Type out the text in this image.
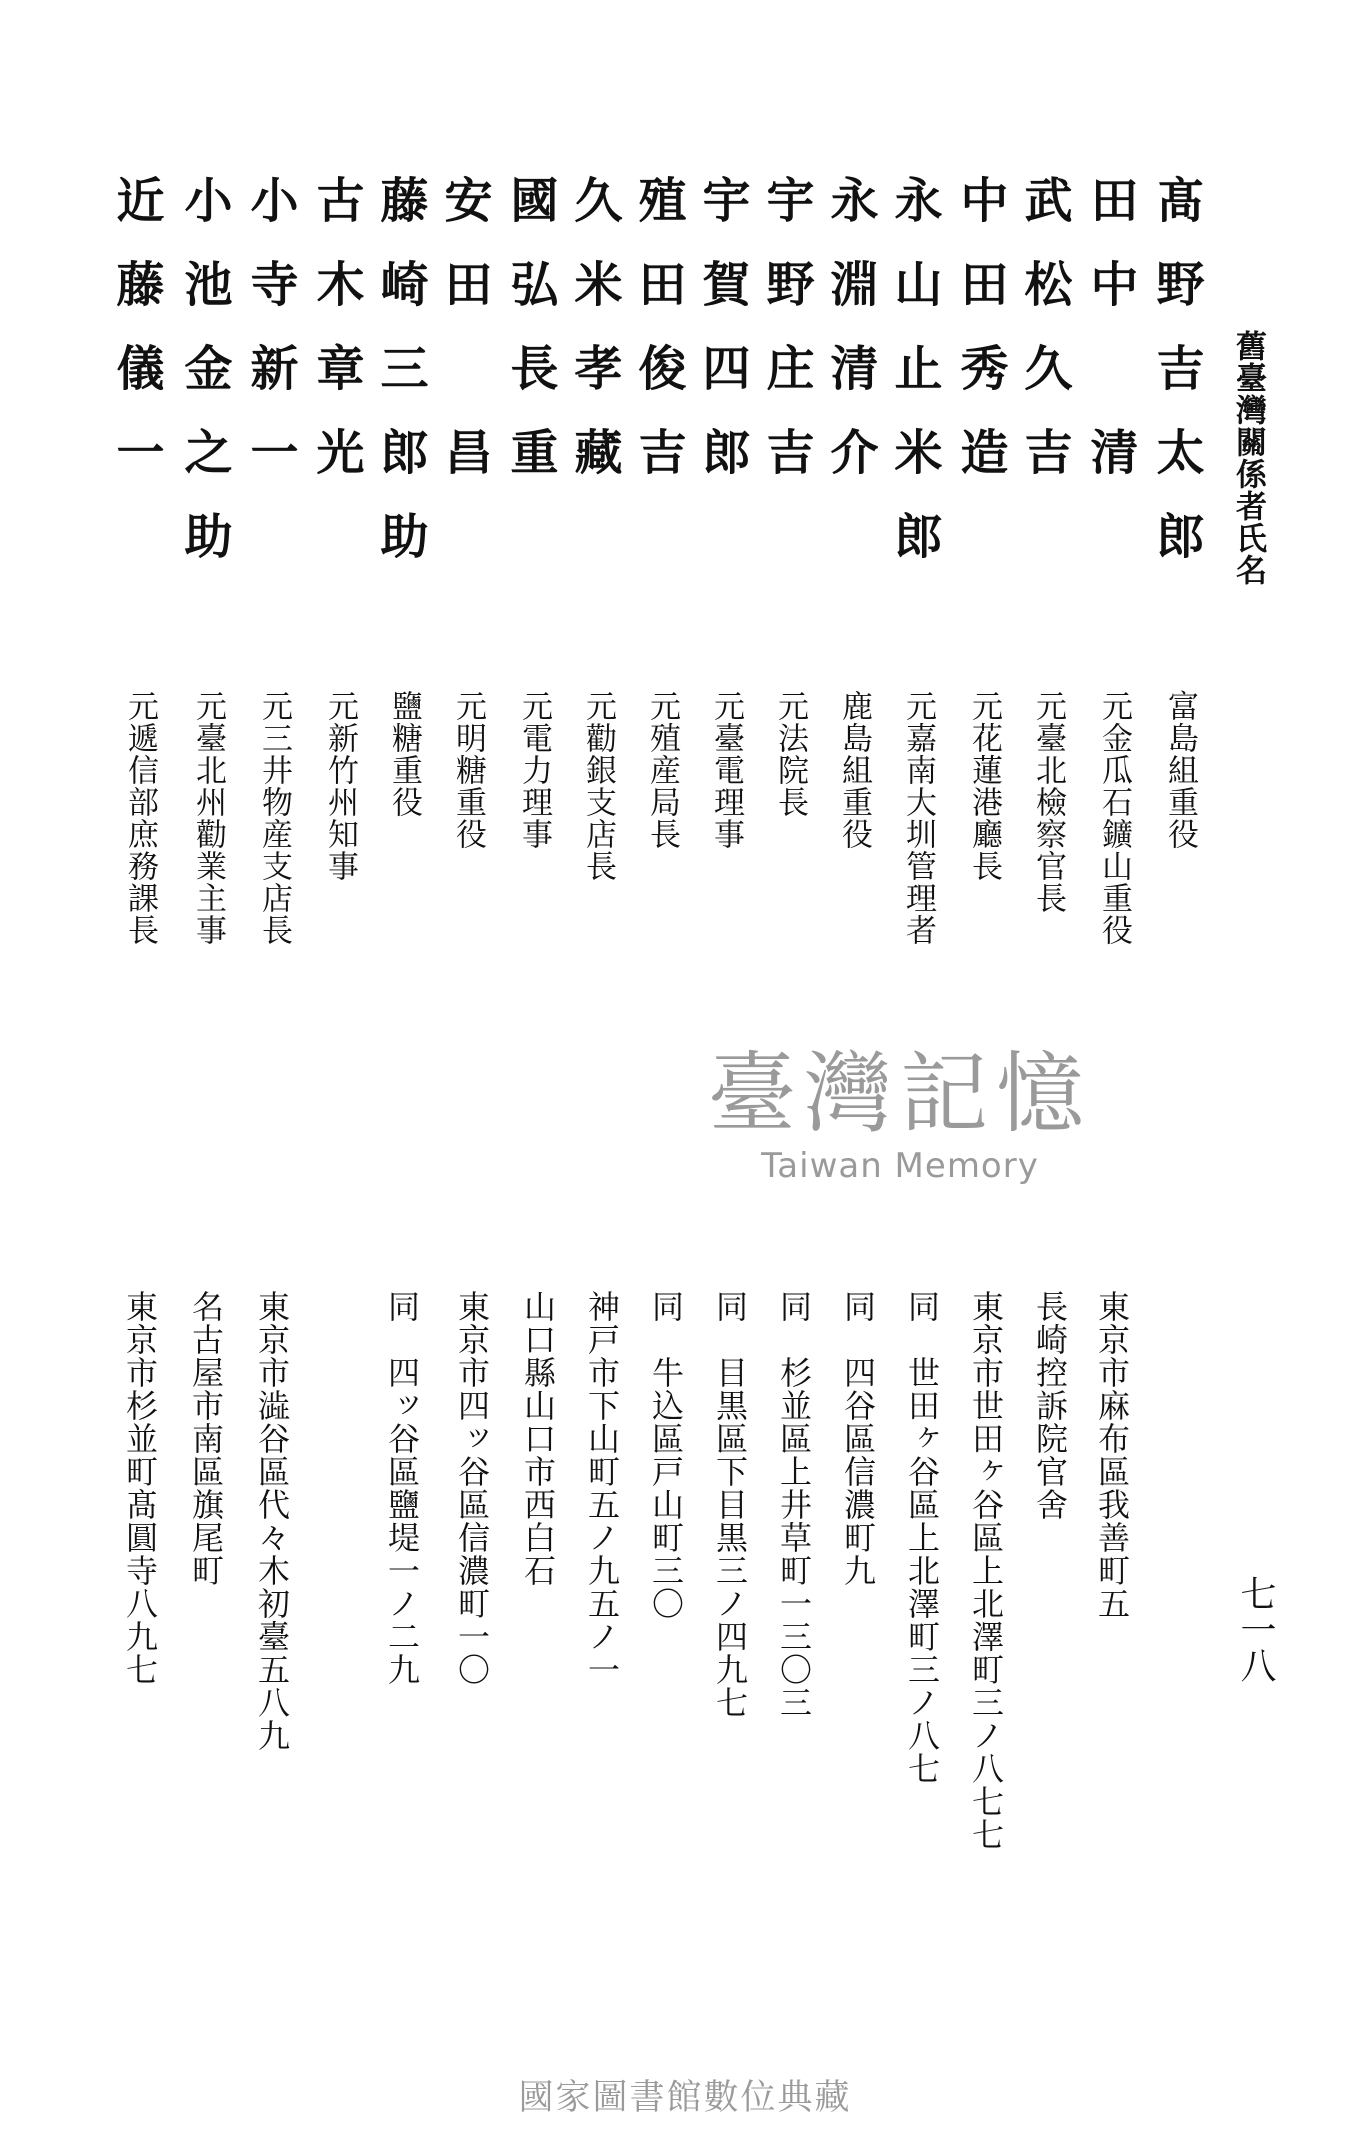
舊臺灣關係者氏名
七一八
髙野吉太郎
富島組重役
東京市麻布區我善町五
田中　清
元金瓜石鑛山重役
長崎控訴院官舍
武松久吉
元臺北檢察官長
東京市世田ヶ谷區上北澤町三ノ八七七
中田秀造
元花蓮港廳長
同　世田ヶ谷區上北澤町三ノ八七
永山止米郎
元嘉南大圳管理者
同　四谷區信濃町九
永淵清介
鹿島組重役
同　杉並區上井草町一三〇三
宇野庄吉
元法院長
同　目黒區下目黒三ノ四九七
宇賀四郎
元臺電理事
同　牛込區戸山町三〇
殖田俊吉
元殖産局長
神戸市下山町五ノ九五ノ一
久米孝藏
元勸銀支店長
山口縣山口市西白石
國弘長重
元電力理事
東京市四ッ谷區信濃町一〇
安田　昌
元明糖重役
同　四ッ谷區鹽堤一ノ二九
藤崎三郎助
鹽糖重役
古木章光
元新竹州知事
小寺新一
元三井物産支店長
東京市澁谷區代々木初臺五八九
小池金之助
元臺北州勸業主事
名古屋市南區旗尾町
近藤儀一
元遞信部庶務課長
東京市杉並町髙圓寺八九七
臺灣記憶
Taiwan Memory
國家圖書館數位典藏
